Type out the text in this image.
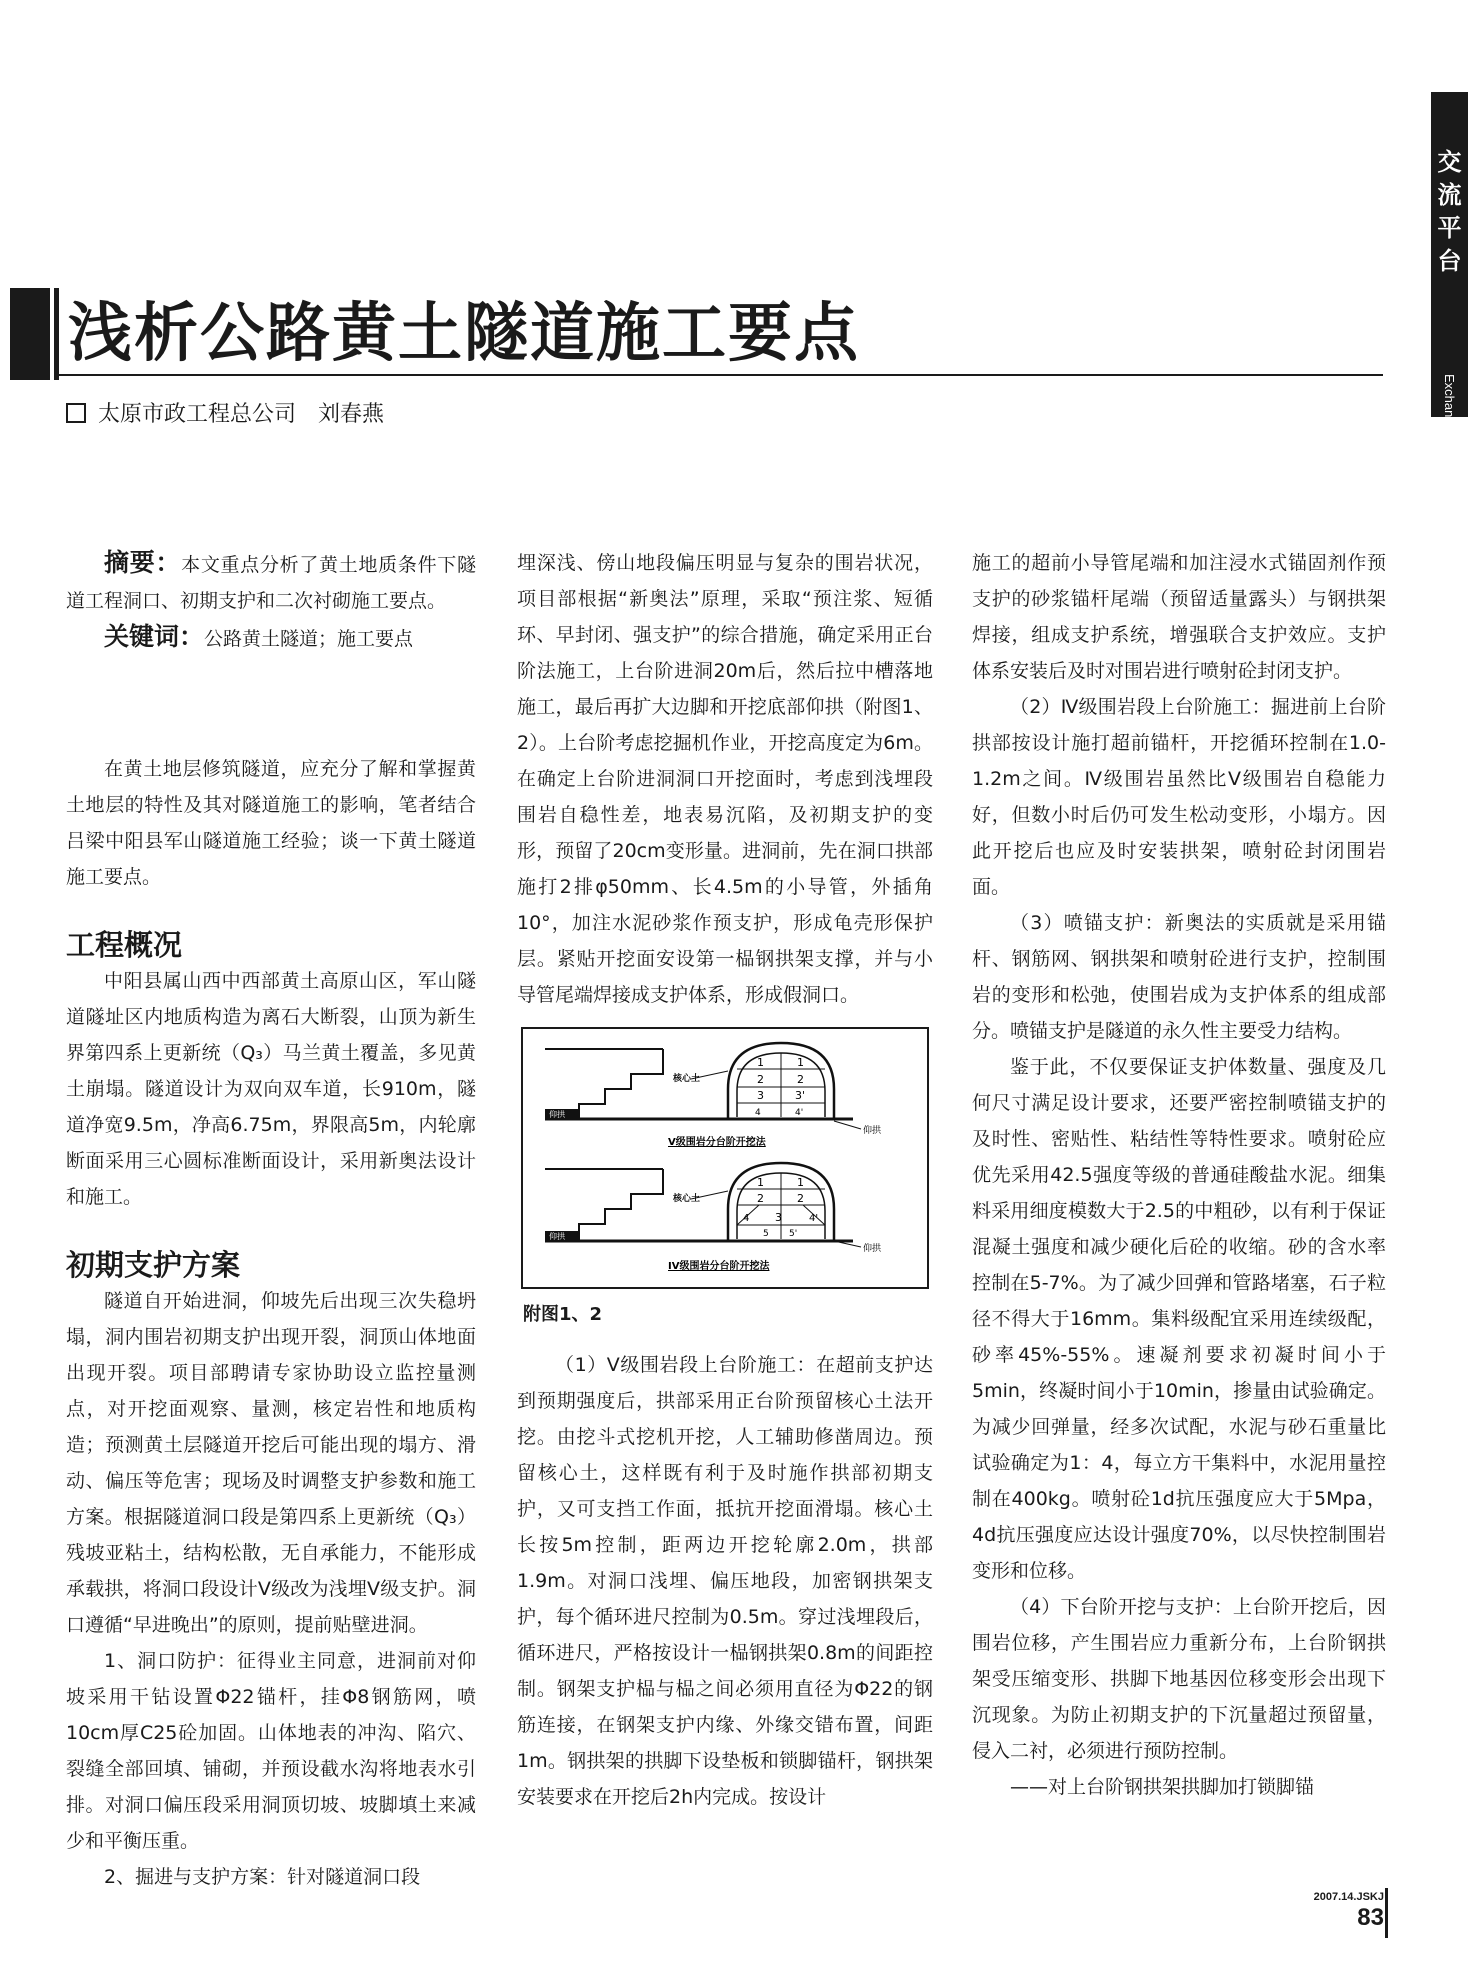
交
流
平
台
Exchange Platform
浅析公路黄土隧道施工要点
太原市政工程总公司　刘春燕

摘要：本文重点分析了黄土地质条件下隧道工程洞口、初期支护和二次衬砌施工要点。

关键词：公路黄土隧道；施工要点

在黄土地层修筑隧道，应充分了解和掌握黄土地层的特性及其对隧道施工的影响，笔者结合吕梁中阳县军山隧道施工经验；谈一下黄土隧道施工要点。

工程概况

中阳县属山西中西部黄土高原山区，军山隧道隧址区内地质构造为离石大断裂，山顶为新生界第四系上更新统（Q₃）马兰黄土覆盖，多见黄土崩塌。隧道设计为双向双车道，长910m，隧道净宽9.5m，净高6.75m，界限高5m，内轮廓断面采用三心圆标准断面设计，采用新奥法设计和施工。

初期支护方案

隧道自开始进洞，仰坡先后出现三次失稳坍塌，洞内围岩初期支护出现开裂，洞顶山体地面出现开裂。项目部聘请专家协助设立监控量测点，对开挖面观察、量测，核定岩性和地质构造；预测黄土层隧道开挖后可能出现的塌方、滑动、偏压等危害；现场及时调整支护参数和施工方案。根据隧道洞口段是第四系上更新统（Q₃）残坡亚粘土，结构松散，无自承能力，不能形成承载拱，将洞口段设计Ⅴ级改为浅埋Ⅴ级支护。洞口遵循“早进晚出”的原则，提前贴壁进洞。

1、洞口防护：征得业主同意，进洞前对仰坡采用干钻设置Φ22锚杆，挂Φ8钢筋网，喷10cm厚C25砼加固。山体地表的冲沟、陷穴、裂缝全部回填、铺砌，并预设截水沟将地表水引排。对洞口偏压段采用洞顶切坡、坡脚填土来减少和平衡压重。

2、掘进与支护方案：针对隧道洞口段

埋深浅、傍山地段偏压明显与复杂的围岩状况，项目部根据“新奥法”原理，采取“预注浆、短循环、早封闭、强支护”的综合措施，确定采用正台阶法施工，上台阶进洞20m后，然后拉中槽落地施工，最后再扩大边脚和开挖底部仰拱（附图1、2）。上台阶考虑挖掘机作业，开挖高度定为6m。在确定上台阶进洞洞口开挖面时，考虑到浅埋段围岩自稳性差，地表易沉陷，及初期支护的变形，预留了20cm变形量。进洞前，先在洞口拱部施打2排φ50mm、长4.5m的小导管，外插角10°，加注水泥砂浆作预支护，形成龟壳形保护层。紧贴开挖面安设第一榀钢拱架支撑，并与小导管尾端焊接成支护体系，形成假洞口。

仰拱
核心土
1	1
2	2
3	3'
4	4'
仰拱
V级围岩分台阶开挖法
仰拱
核心土
1	1
2	2
3
4	4'
5 5'
仰拱
IV级围岩分台阶开挖法
附图1、2

（1）Ⅴ级围岩段上台阶施工：在超前支护达到预期强度后，拱部采用正台阶预留核心土法开挖。由挖斗式挖机开挖，人工辅助修凿周边。预留核心土，这样既有利于及时施作拱部初期支护，又可支挡工作面，抵抗开挖面滑塌。核心土长按5m控制，距两边开挖轮廓2.0m，拱部1.9m。对洞口浅埋、偏压地段，加密钢拱架支护，每个循环进尺控制为0.5m。穿过浅埋段后，循环进尺，严格按设计一榀钢拱架0.8m的间距控制。钢架支护榀与榀之间必须用直径为Φ22的钢筋连接，在钢架支护内缘、外缘交错布置，间距1m。钢拱架的拱脚下设垫板和锁脚锚杆，钢拱架安装要求在开挖后2h内完成。按设计

施工的超前小导管尾端和加注浸水式锚固剂作预支护的砂浆锚杆尾端（预留适量露头）与钢拱架焊接，组成支护系统，增强联合支护效应。支护体系安装后及时对围岩进行喷射砼封闭支护。

（2）Ⅳ级围岩段上台阶施工：掘进前上台阶拱部按设计施打超前锚杆，开挖循环控制在1.0-1.2m之间。Ⅳ级围岩虽然比Ⅴ级围岩自稳能力好，但数小时后仍可发生松动变形，小塌方。因此开挖后也应及时安装拱架，喷射砼封闭围岩面。

（3）喷锚支护：新奥法的实质就是采用锚杆、钢筋网、钢拱架和喷射砼进行支护，控制围岩的变形和松弛，使围岩成为支护体系的组成部分。喷锚支护是隧道的永久性主要受力结构。

鉴于此，不仅要保证支护体数量、强度及几何尺寸满足设计要求，还要严密控制喷锚支护的及时性、密贴性、粘结性等特性要求。喷射砼应优先采用42.5强度等级的普通硅酸盐水泥。细集料采用细度模数大于2.5的中粗砂，以有利于保证混凝土强度和减少硬化后砼的收缩。砂的含水率控制在5-7%。为了减少回弹和管路堵塞，石子粒径不得大于16mm。集料级配宜采用连续级配，砂率45%-55%。速凝剂要求初凝时间小于5min，终凝时间小于10min，掺量由试验确定。为减少回弹量，经多次试配，水泥与砂石重量比试验确定为1：4，每立方干集料中，水泥用量控制在400kg。喷射砼1d抗压强度应大于5Mpa，4d抗压强度应达设计强度70%，以尽快控制围岩变形和位移。

（4）下台阶开挖与支护：上台阶开挖后，因围岩位移，产生围岩应力重新分布，上台阶钢拱架受压缩变形、拱脚下地基因位移变形会出现下沉现象。为防止初期支护的下沉量超过预留量，侵入二衬，必须进行预防控制。

——对上台阶钢拱架拱脚加打锁脚锚

2007.14.JSKJ
83
